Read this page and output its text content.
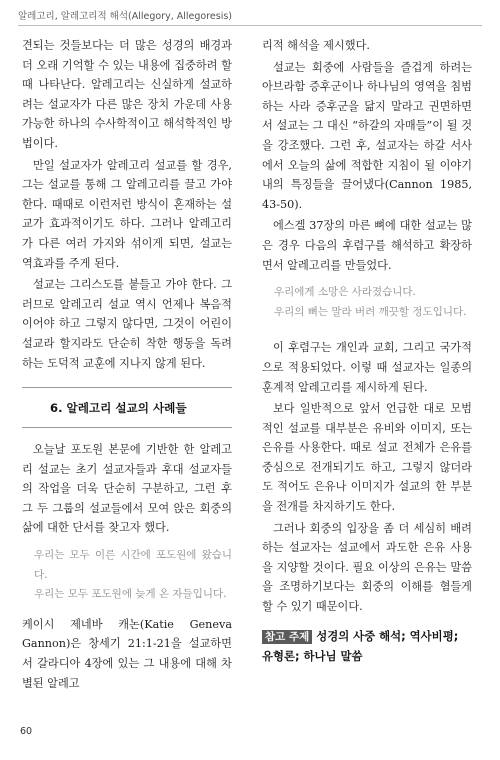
알레고리, 알레고리적 해석(Allegory, Allegoresis)

견되는 것들보다는 더 많은 성경의 배경과 더 오래 기억할 수 있는 내용에 집중하려 할 때 나타난다. 알레고리는 신실하게 설교하려는 설교자가 다른 많은 장치 가운데 사용 가능한 하나의 수사학적이고 해석학적인 방법이다.

만일 설교자가 알레고리 설교를 할 경우, 그는 설교를 통해 그 알레고리를 끌고 가야 한다. 때때로 이런저런 방식이 혼재하는 설교가 효과적이기도 하다. 그러나 알레고리가 다른 여러 가지와 섞이게 되면, 설교는 역효과를 주게 된다.

설교는 그리스도를 붙들고 가야 한다. 그러므로 알레고리 설교 역시 언제나 복음적이어야 하고 그렇지 않다면, 그것이 어린이 설교라 할지라도 단순히 착한 행동을 독려하는 도덕적 교훈에 지나지 않게 된다.

6. 알레고리 설교의 사례들

오늘날 포도원 본문에 기반한 한 알레고리 설교는 초기 설교자들과 후대 설교자들의 작업을 더욱 단순히 구분하고, 그런 후 그 두 그룹의 설교들에서 모여 앉은 회중의 삶에 대한 단서를 찾고자 했다.

우리는 모두 이른 시간에 포도원에 왔습니다.
우리는 모두 포도원에 늦게 온 자들입니다.

케이시 제네바 캐논(Katie Geneva Gannon)은 창세기 21:1-21을 설교하면서 갈라디아 4장에 있는 그 내용에 대해 차별된 알레고

리적 해석을 제시했다.

설교는 회중에 사람들을 즐겁게 하려는 아브라함 증후군이나 하나님의 영역을 침범하는 사라 증후군을 닮지 말라고 권면하면서 설교는 그 대신 “하갈의 자매들”이 될 것을 강조했다. 그런 후, 설교자는 하갈 서사에서 오늘의 삶에 적합한 지침이 될 이야기 내의 특징들을 끌어냈다(Cannon 1985, 43-50).

에스겔 37장의 마른 뼈에 대한 설교는 많은 경우 다음의 후렴구를 해석하고 확장하면서 알레고리를 만들었다.

우리에게 소망은 사라졌습니다.
우리의 뼈는 말라 버려 깨끗할 정도입니다.

이 후렴구는 개인과 교회, 그리고 국가적으로 적용되었다. 이렇 때 설교자는 일종의 훈계적 알레고리를 제시하게 된다.

보다 일반적으로 앞서 언급한 대로 모범적인 설교를 대부분은 유비와 이미지, 또는 은유를 사용한다. 때로 설교 전체가 은유를 중심으로 전개되기도 하고, 그렇지 않더라도 적어도 은유나 이미지가 설교의 한 부분을 전개를 차지하기도 한다.

그러나 회중의 입장을 좀 더 세심히 배려하는 설교자는 설교에서 과도한 은유 사용을 지양할 것이다. 필요 이상의 은유는 말씀을 조명하기보다는 회중의 이해를 혐들게 할 수 있기 때문이다.

참고 주제 성경의 사중 해석; 역사비평; 유형론; 하나님 말씀
60
